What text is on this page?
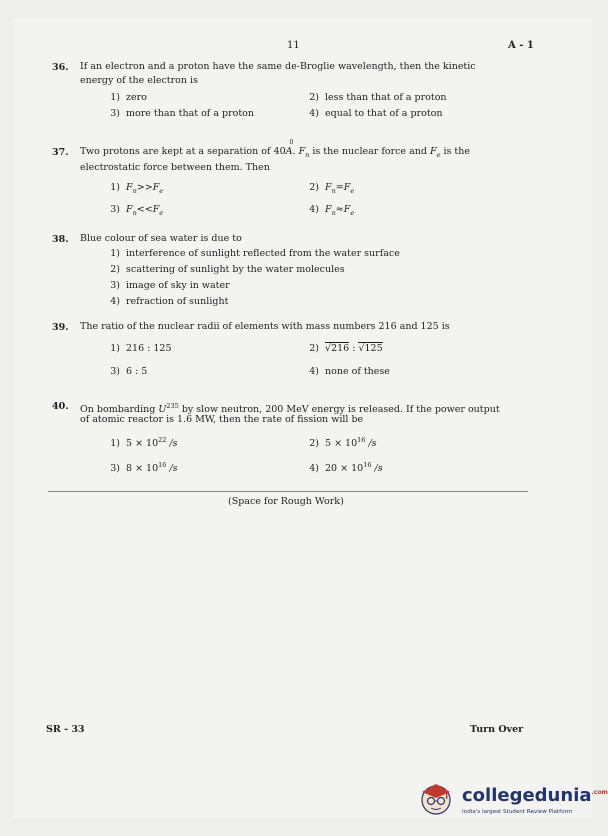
11	A - 1
36. If an electron and a proton have the same de-Broglie wavelength, then the kinetic
energy of the electron is
1) zero	2) less than that of a proton
3) more than that of a proton	4) equal to that of a proton
37. Two protons are kept at a separation of 40A
0
. $F_n$ is the nuclear force and $F_e$ is the
electrostatic force between them. Then
1) $F_n>>F_e$	2) $F_n=F_e$
3) $F_n<<F_e$	4) $F_n\approx F_e$
38. Blue colour of sea water is due to
1) interference of sunlight reflected from the water surface
2) scattering of sunlight by the water molecules
3) image of sky in water
4) refraction of sunlight
39. The ratio of the nuclear radii of elements with mass numbers 216 and 125 is
1) 216 : 125	2) √216 : √125
3) 6 : 5	4) none of these
40. On bombarding $U^{235}$ by slow neutron, 200 MeV energy is released. If the power output
of atomic reactor is 1.6 MW, then the rate of fission will be
1) $5 \times 10^{22}$ /s	2) $5 \times 10^{16}$ /s
3) $8 \times 10^{16}$ /s	4) $20 \times 10^{16}$ /s
(Space for Rough Work)
SR - 33	Turn Over
collegedunia$^{.com}$
India's largest Student Review Platform
